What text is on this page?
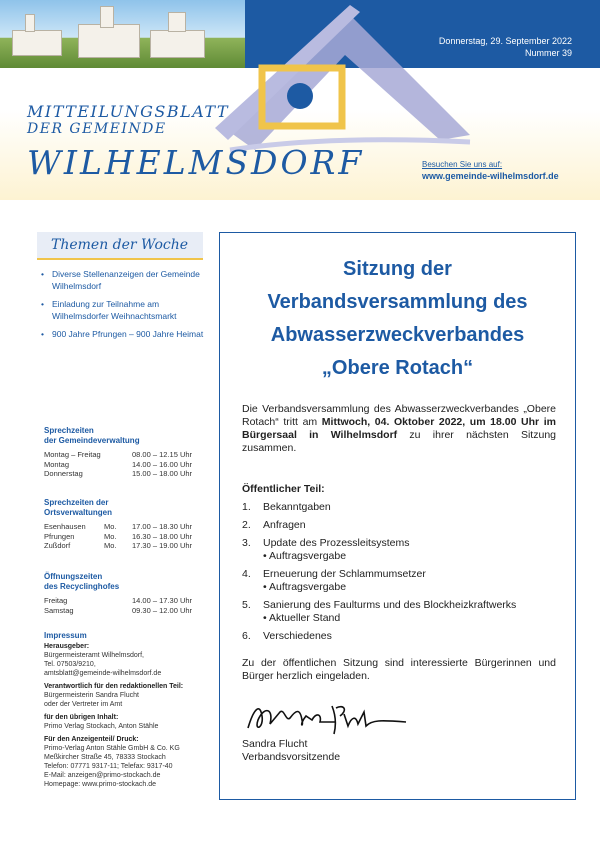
Donnerstag, 29. September 2022
Nummer 39
MITTEILUNGSBLATT
DER GEMEINDE
WILHELMSDORF	Besuchen Sie uns auf:
www.gemeinde-wilhelmsdorf.de
Themen der Woche
• Diverse Stellenanzeigen der Gemeinde Wilhelmsdorf
• Einladung zur Teilnahme am Wilhelmsdorfer Weihnachtsmarkt
• 900 Jahre Pfrungen – 900 Jahre Heimat
Sprechzeiten
der Gemeindeverwaltung
Montag – Freitag	08.00 – 12.15 Uhr
Montag	14.00 – 16.00 Uhr
Donnerstag	15.00 – 18.00 Uhr
Sprechzeiten der
Ortsverwaltungen
Esenhausen	Mo.	17.00 – 18.30 Uhr
Pfrungen	Mo.	16.30 – 18.00 Uhr
Zußdorf	Mo.	17.30 – 19.00 Uhr
Öffnungszeiten
des Recyclinghofes
Freitag	14.00 – 17.30 Uhr
Samstag	09.30 – 12.00 Uhr
Impressum
Herausgeber:
Bürgermeisteramt Wilhelmsdorf,
Tel. 07503/9210,
amtsblatt@gemeinde-wilhelmsdorf.de
Verantwortlich für den redaktionellen Teil:
Bürgermeisterin Sandra Flucht
oder der Vertreter im Amt
für den übrigen Inhalt:
Primo Verlag Stockach, Anton Stähle
Für den Anzeigenteil/ Druck:
Primo-Verlag Anton Stähle GmbH & Co. KG
Meßkircher Straße 45, 78333 Stockach
Telefon: 07771 9317-11; Telefax: 9317-40
E-Mail: anzeigen@primo-stockach.de
Homepage: www.primo-stockach.de
Sitzung der
Verbandsversammlung des
Abwasserzweckverbandes
„Obere Rotach“
Die Verbandsversammlung des Abwasserzweckverbandes „Obere Rotach“ tritt am Mittwoch, 04. Oktober 2022, um 18.00 Uhr im Bürgersaal in Wilhelmsdorf zu ihrer nächsten Sitzung zusammen.
Öffentlicher Teil:
1. Bekanntgaben
2. Anfragen
3. Update des Prozessleitsystems
• Auftragsvergabe
4. Erneuerung der Schlammumsetzer
• Auftragsvergabe
5. Sanierung des Faulturms und des Blockheizkraftwerks
• Aktueller Stand
6. Verschiedenes
Zu der öffentlichen Sitzung sind interessierte Bürgerinnen und Bürger herzlich eingeladen.
Sandra Flucht
Verbandsvorsitzende
